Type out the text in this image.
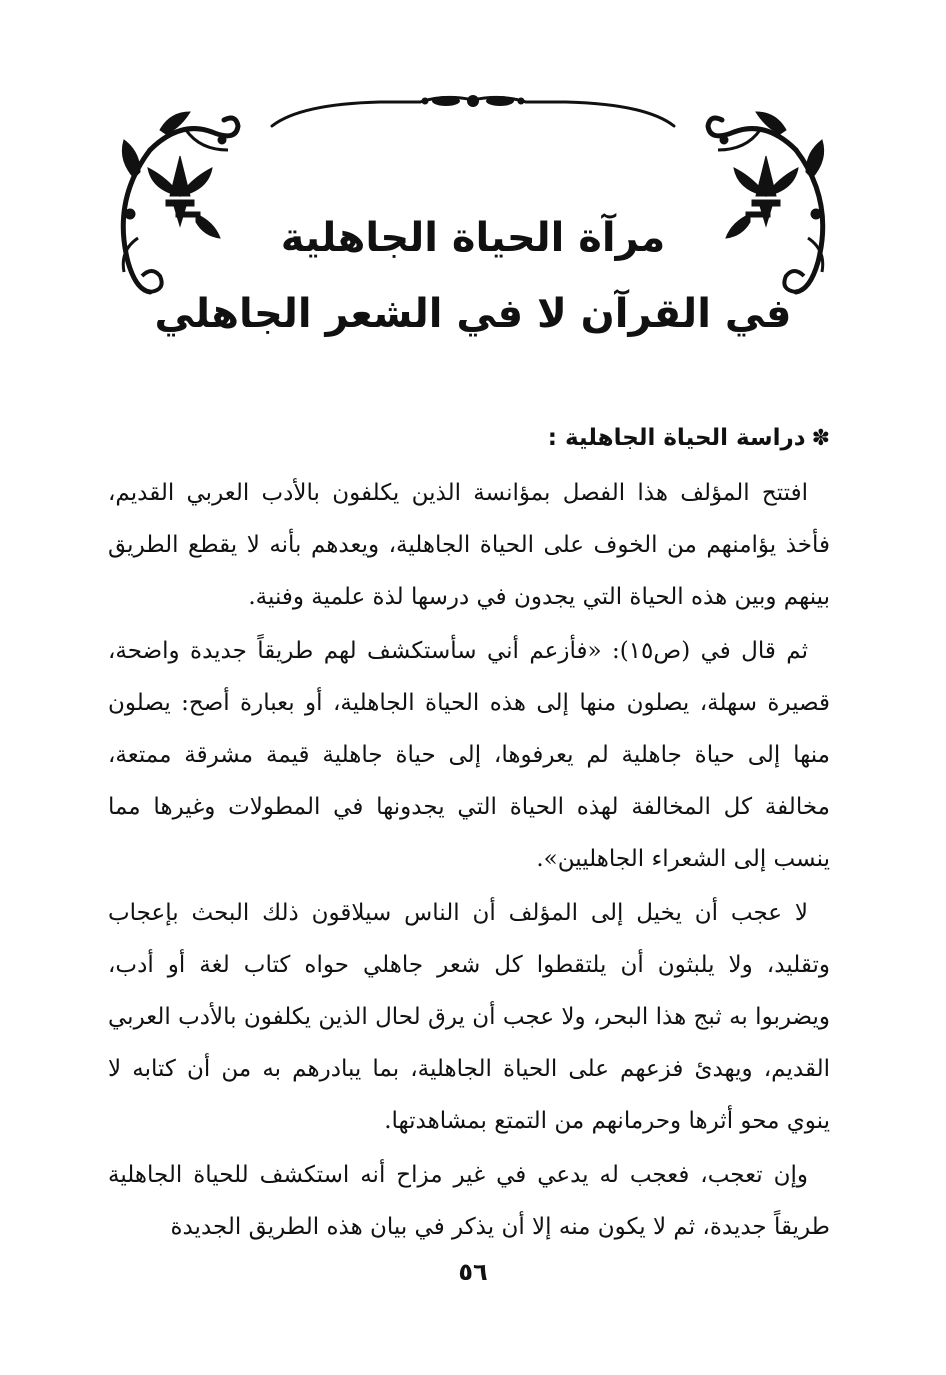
مرآة الحياة الجاهلية
في القرآن لا في الشعر الجاهلي
✽دراسة الحياة الجاهلية :

افتتح المؤلف هذا الفصل بمؤانسة الذين يكلفون بالأدب العربي القديم، فأخذ يؤامنهم من الخوف على الحياة الجاهلية، ويعدهم بأنه لا يقطع الطريق بينهم وبين هذه الحياة التي يجدون في درسها لذة علمية وفنية.

ثم قال في (ص١٥): «فأزعم أني سأستكشف لهم طريقاً جديدة واضحة، قصيرة سهلة، يصلون منها إلى هذه الحياة الجاهلية، أو بعبارة أصح: يصلون منها إلى حياة جاهلية لم يعرفوها، إلى حياة جاهلية قيمة مشرقة ممتعة، مخالفة كل المخالفة لهذه الحياة التي يجدونها في المطولات وغيرها مما ينسب إلى الشعراء الجاهليين».

لا عجب أن يخيل إلى المؤلف أن الناس سيلاقون ذلك البحث بإعجاب وتقليد، ولا يلبثون أن يلتقطوا كل شعر جاهلي حواه كتاب لغة أو أدب، ويضربوا به ثبج هذا البحر، ولا عجب أن يرق لحال الذين يكلفون بالأدب العربي القديم، ويهدئ فزعهم على الحياة الجاهلية، بما يبادرهم به من أن كتابه لا ينوي محو أثرها وحرمانهم من التمتع بمشاهدتها.

وإن تعجب، فعجب له يدعي في غير مزاح أنه استكشف للحياة الجاهلية طريقاً جديدة، ثم لا يكون منه إلا أن يذكر في بيان هذه الطريق الجديدة

٥٦
